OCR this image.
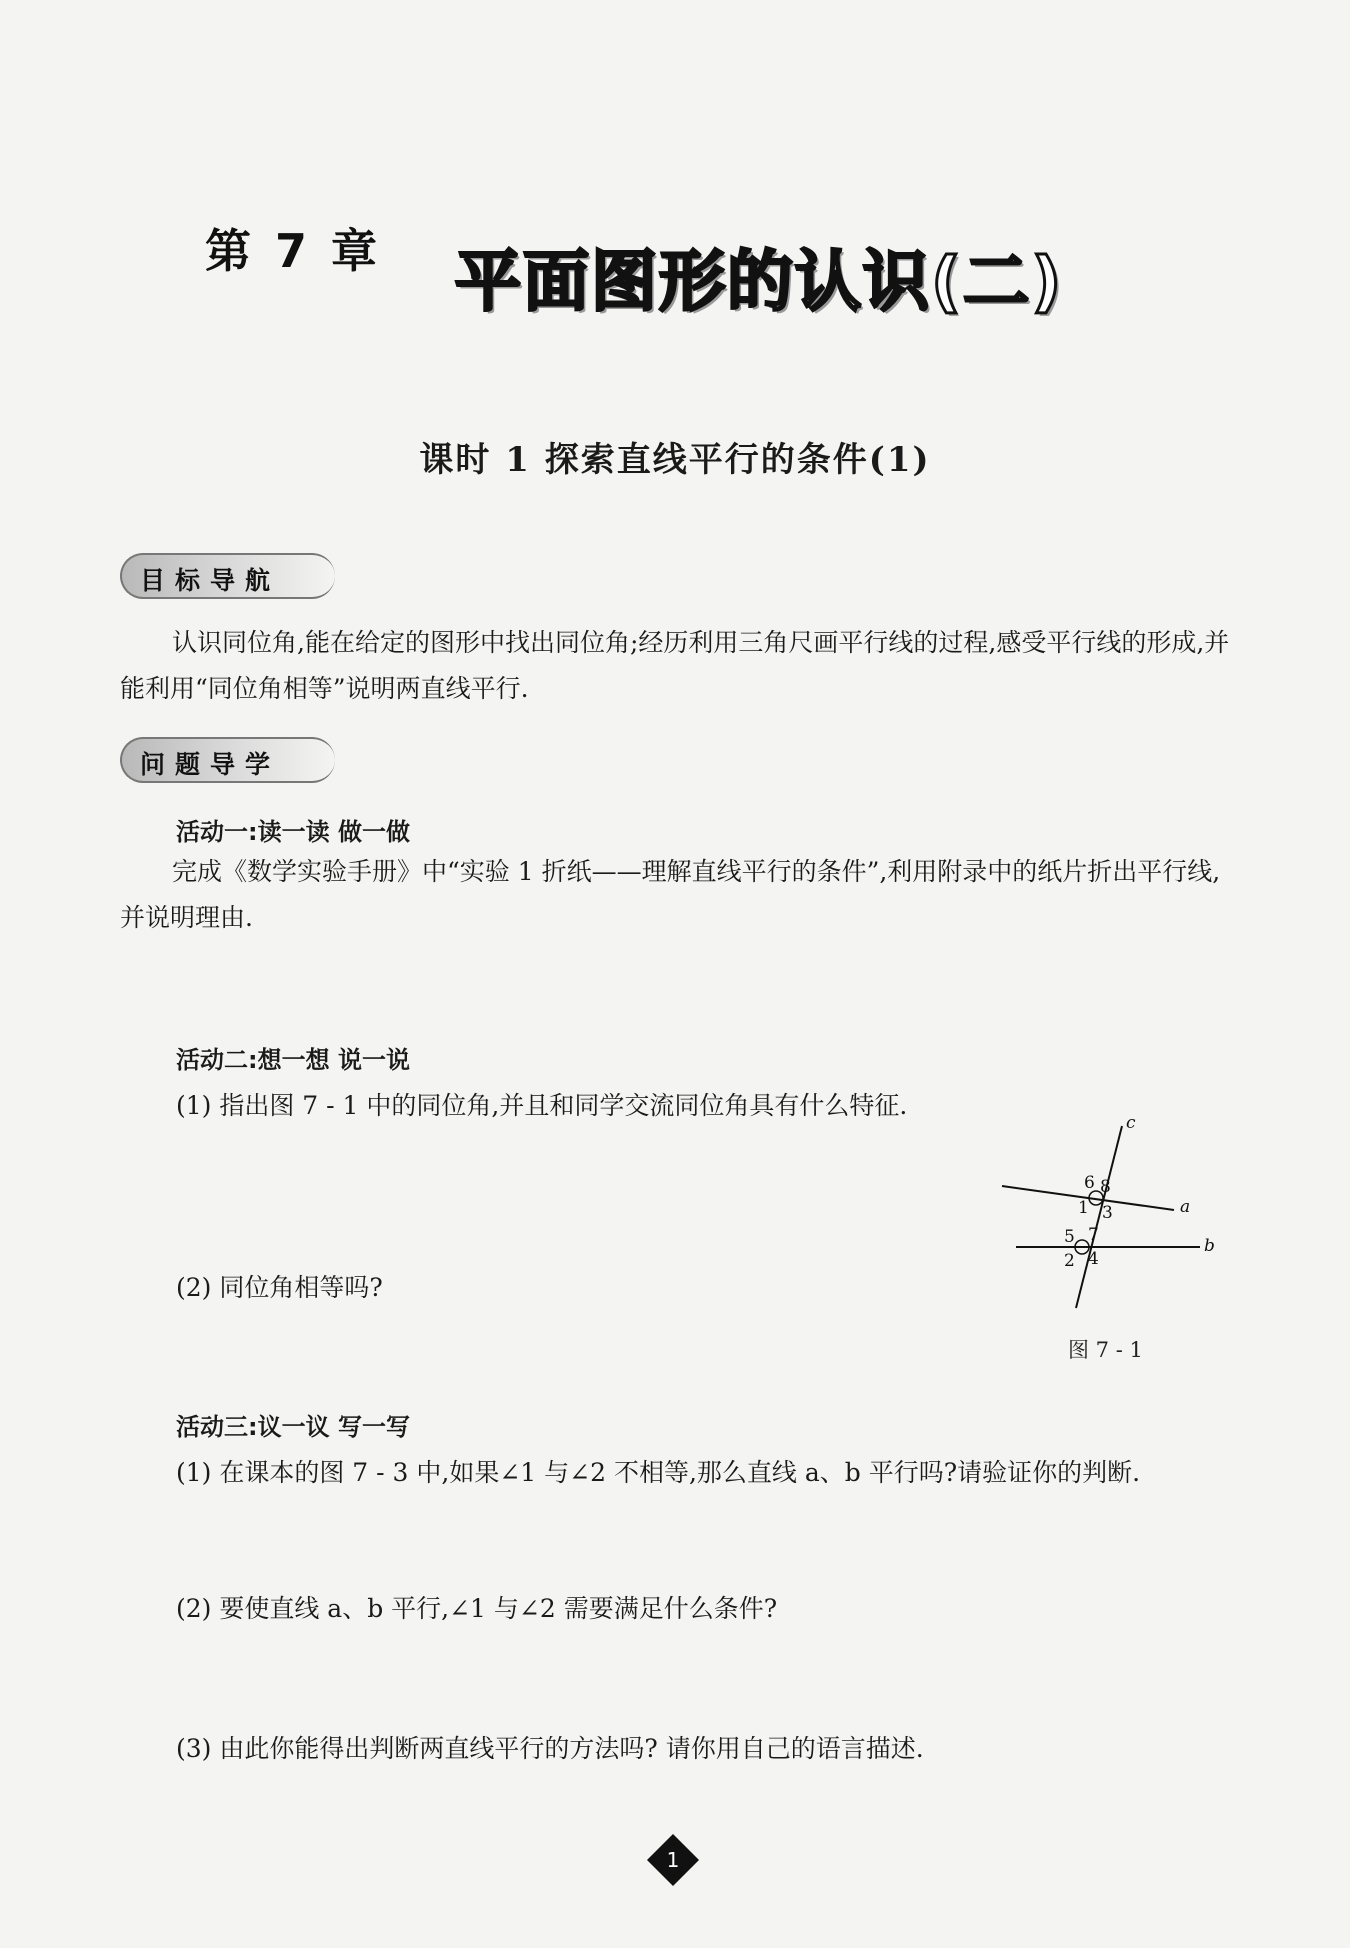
第 7 章 平面图形的认识(二)
课时 1 探索直线平行的条件(1)
目标导航

认识同位角,能在给定的图形中找出同位角;经历利用三角尺画平行线的过程,感受平行线的形成,并能利用“同位角相等”说明两直线平行.

问题导学
活动一:读一读 做一做

完成《数学实验手册》中“实验 1 折纸——理解直线平行的条件”,利用附录中的纸片折出平行线,并说明理由.

活动二:想一想 说一说
(1) 指出图 7 - 1 中的同位角,并且和同学交流同位角具有什么特征.
(2) 同位角相等吗?
c
a
b
6 8
1 3
5 7
2 4
图 7 - 1
活动三:议一议 写一写
(1) 在课本的图 7 - 3 中,如果∠1 与∠2 不相等,那么直线 a、b 平行吗?请验证你的判断.
(2) 要使直线 a、b 平行,∠1 与∠2 需要满足什么条件?
(3) 由此你能得出判断两直线平行的方法吗? 请你用自己的语言描述.
1
